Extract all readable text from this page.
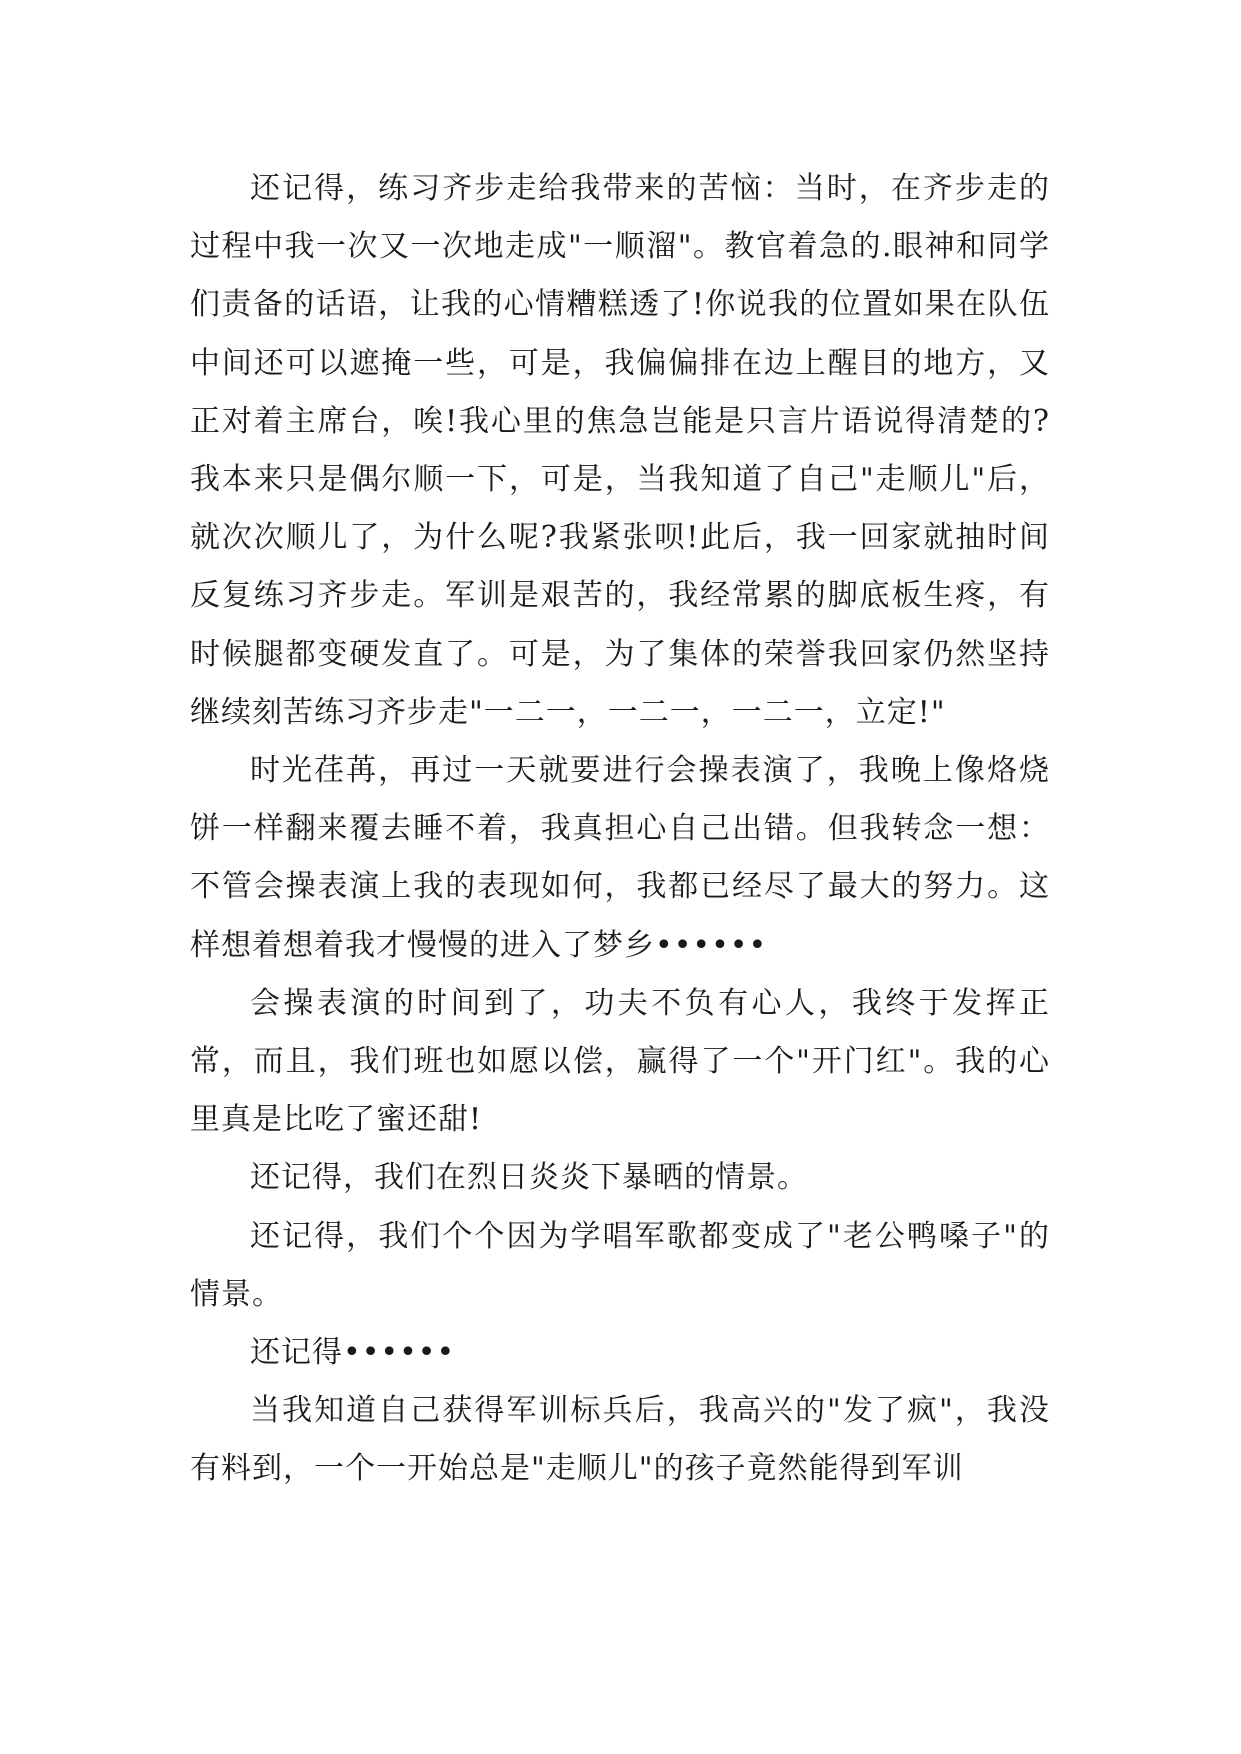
还记得，练习齐步走给我带来的苦恼：当时，在齐步走的过程中我一次又一次地走成"一顺溜"。教官着急的.眼神和同学们责备的话语，让我的心情糟糕透了!你说我的位置如果在队伍中间还可以遮掩一些，可是，我偏偏排在边上醒目的地方，又正对着主席台，唉!我心里的焦急岂能是只言片语说得清楚的?我本来只是偶尔顺一下，可是，当我知道了自己"走顺儿"后，就次次顺儿了，为什么呢?我紧张呗!此后，我一回家就抽时间反复练习齐步走。军训是艰苦的，我经常累的脚底板生疼，有时候腿都变硬发直了。可是，为了集体的荣誉我回家仍然坚持继续刻苦练习齐步走"一二一，一二一，一二一，立定!"

时光荏苒，再过一天就要进行会操表演了，我晚上像烙烧饼一样翻来覆去睡不着，我真担心自己出错。但我转念一想：不管会操表演上我的表现如何，我都已经尽了最大的努力。这样想着想着我才慢慢的进入了梦乡••••••

会操表演的时间到了，功夫不负有心人，我终于发挥正常，而且，我们班也如愿以偿，赢得了一个"开门红"。我的心里真是比吃了蜜还甜!

还记得，我们在烈日炎炎下暴晒的情景。

还记得，我们个个因为学唱军歌都变成了"老公鸭嗓子"的情景。

还记得••••••

当我知道自己获得军训标兵后，我高兴的"发了疯"，我没有料到，一个一开始总是"走顺儿"的孩子竟然能得到军训
